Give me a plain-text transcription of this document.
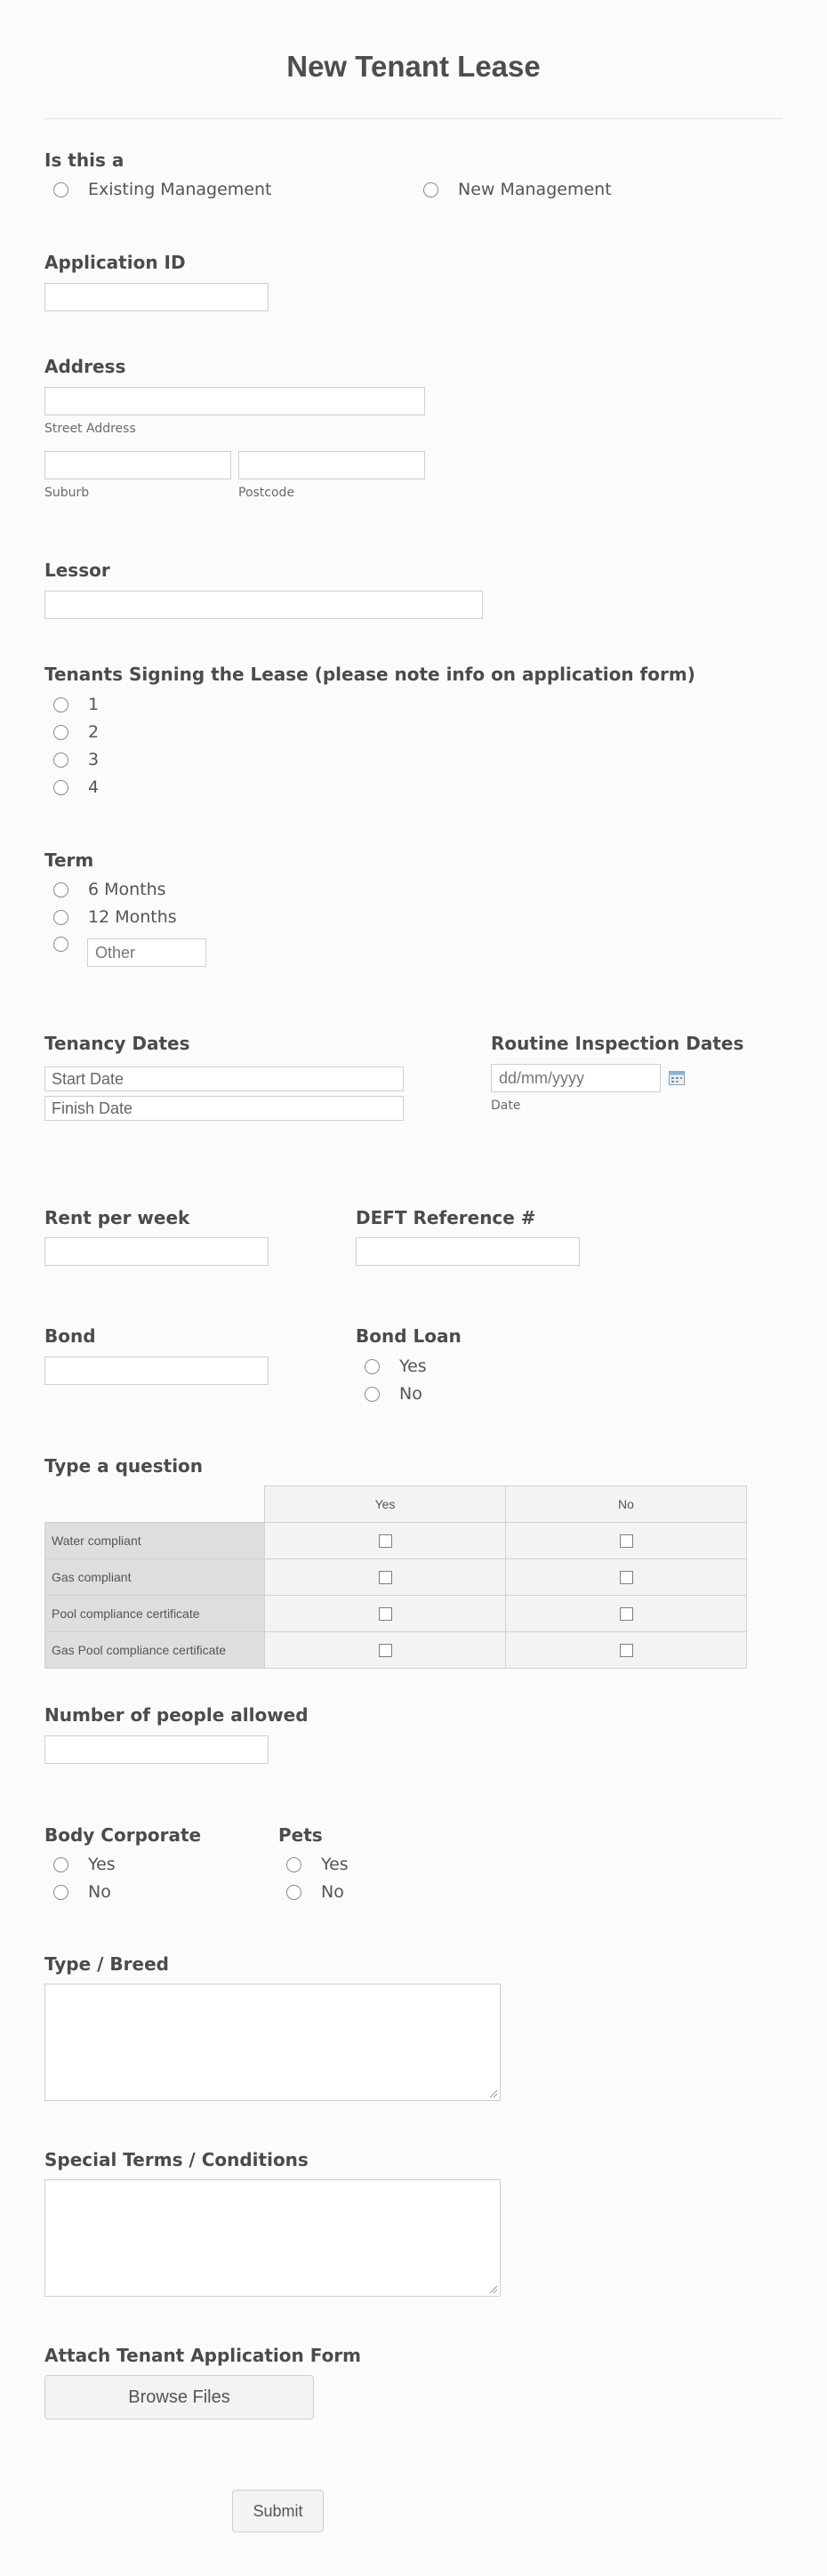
New Tenant Lease
Is this a
Existing Management	New Management
Application ID
Address
Street Address
Suburb	Postcode
Lessor
Tenants Signing the Lease (please note info on application form)
1
2
3
4
Term
6 Months
12 Months
Other
Tenancy Dates
Start Date
Finish Date
Routine Inspection Dates
dd/mm/yyyy
Date
Rent per week	DEFT Reference #
Bond	Bond Loan
Yes
No
Type a question
	Yes	No
Water compliant		
Gas compliant		
Pool compliance certificate		
Gas Pool compliance certificate		
Number of people allowed
Body Corporate
Yes
No
Pets
Yes
No
Type / Breed
Special Terms / Conditions
Attach Tenant Application Form
Browse Files
Submit
